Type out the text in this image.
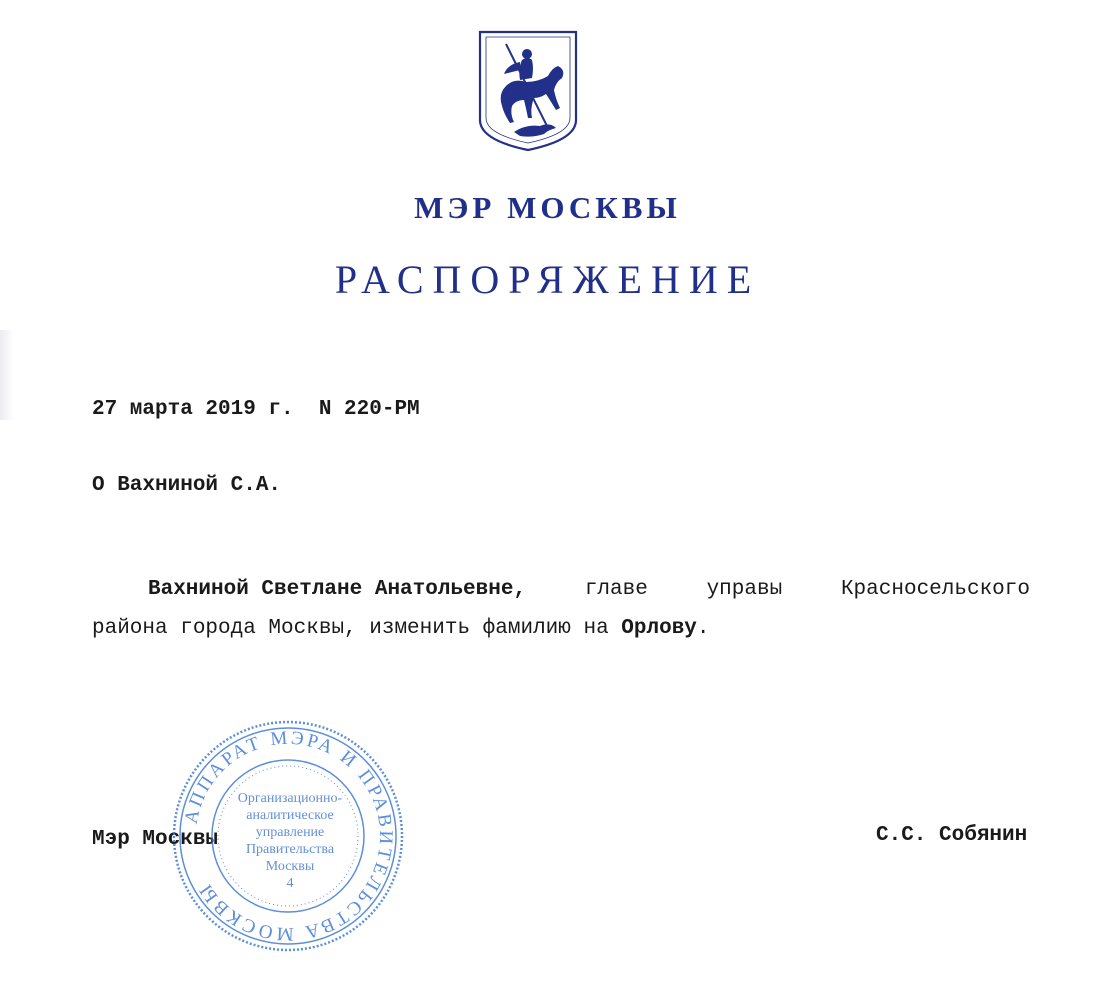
МЭР МОСКВЫ
РАСПОРЯЖЕНИЕ
27 марта 2019 г.  N 220-РМ
О Вахниной С.А.
Вахниной Светлане Анатольевне,	главе	управы	Красносельского
района города Москвы, изменить фамилию на Орлову.
Мэр Москвы	С.С. Собянин
АППАРАТ МЭРА И ПРАВИТЕЛЬСТВА МОСКВЫ
Организационно-
аналитическое
управление
Правительства
Москвы
4
